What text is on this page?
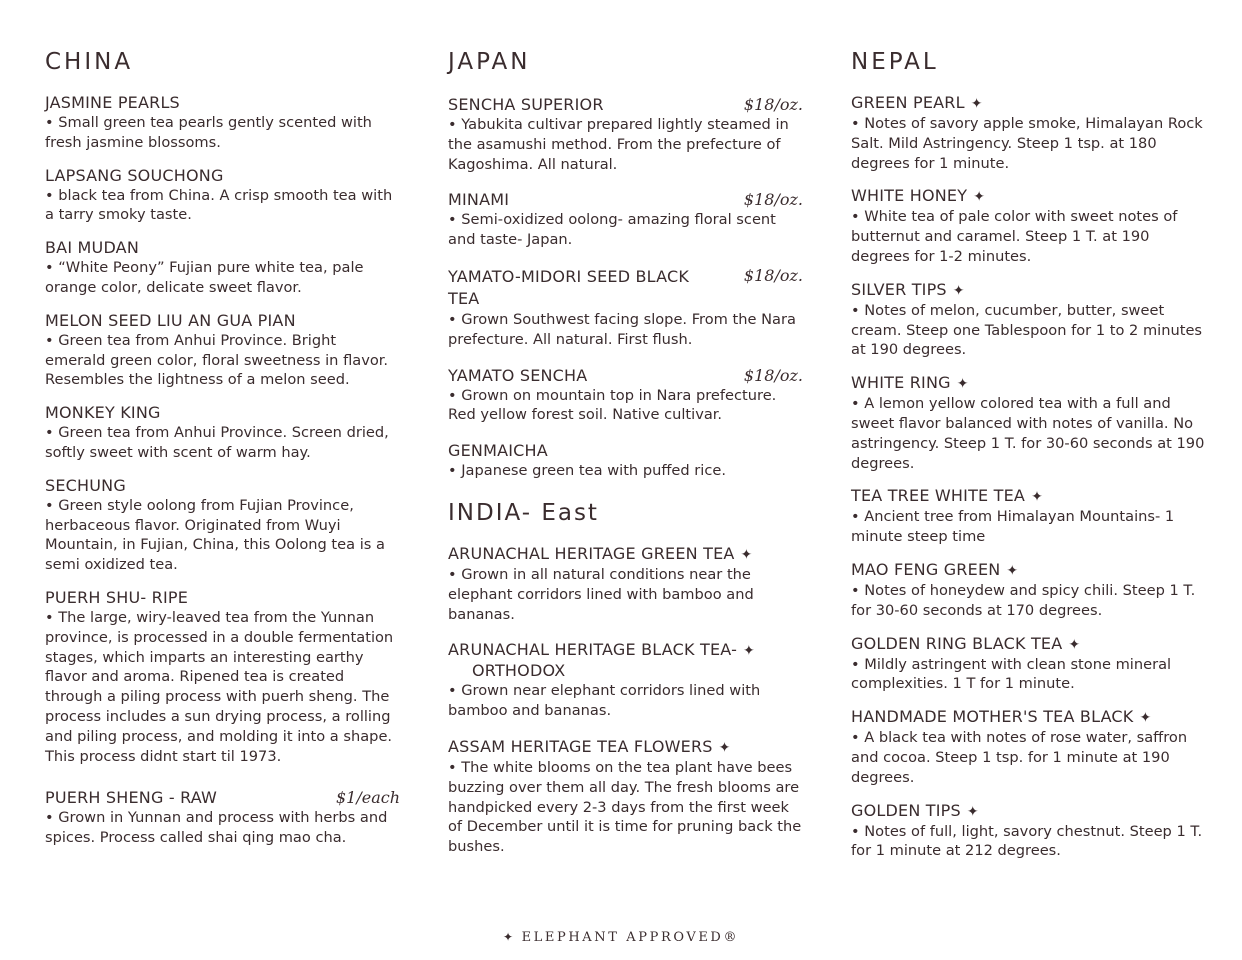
CHINA
JASMINE PEARLS

• Small green tea pearls gently scented with fresh jasmine blossoms.

LAPSANG SOUCHONG

• black tea from China. A crisp smooth tea with a tarry smoky taste.

BAI MUDAN

• “White Peony” Fujian pure white tea, pale orange color, delicate sweet flavor.

MELON SEED LIU AN GUA PIAN

• Green tea from Anhui Province. Bright emerald green color, floral sweetness in flavor. Resembles the lightness of a melon seed.

MONKEY KING

• Green tea from Anhui Province. Screen dried, softly sweet with scent of warm hay.

SECHUNG

• Green style oolong from Fujian Province, herbaceous flavor. Originated from Wuyi Mountain, in Fujian, China, this Oolong tea is a semi oxidized tea.

PUERH SHU- RIPE

• The large, wiry-leaved tea from the Yunnan province, is processed in a double fermentation stages, which imparts an interesting earthy flavor and aroma. Ripened tea is created through a piling process with puerh sheng. The process includes a sun drying process, a rolling and piling process, and molding it into a shape. This process didnt start til 1973.

PUERH SHENG - RAW	$1/each

• Grown in Yunnan and process with herbs and spices. Process called shai qing mao cha.

JAPAN
SENCHA SUPERIOR	$18/oz.

• Yabukita cultivar prepared lightly steamed in the asamushi method. From the prefecture of Kagoshima. All natural.

MINAMI	$18/oz.

• Semi-oxidized oolong- amazing floral scent and taste- Japan.

YAMATO-MIDORI SEED BLACK TEA
$18/oz.

• Grown Southwest facing slope. From the Nara prefecture. All natural. First flush.

YAMATO SENCHA	$18/oz.

• Grown on mountain top in Nara prefecture. Red yellow forest soil. Native cultivar.

GENMAICHA

• Japanese green tea with puffed rice.

INDIA- East
ARUNACHAL HERITAGE GREEN TEA ✦

• Grown in all natural conditions near the elephant corridors lined with bamboo and bananas.

ARUNACHAL HERITAGE BLACK TEA- ✦
ORTHODOX

• Grown near elephant corridors lined with bamboo and bananas.

ASSAM HERITAGE TEA FLOWERS ✦

• The white blooms on the tea plant have bees buzzing over them all day. The fresh blooms are handpicked every 2-3 days from the first week of December until it is time for pruning back the bushes.

NEPAL
GREEN PEARL ✦

• Notes of savory apple smoke, Himalayan Rock Salt. Mild Astringency. Steep 1 tsp. at 180 degrees for 1 minute.

WHITE HONEY ✦

• White tea of pale color with sweet notes of butternut and caramel. Steep 1 T. at 190 degrees for 1-2 minutes.

SILVER TIPS ✦

• Notes of melon, cucumber, butter, sweet cream. Steep one Tablespoon for 1 to 2 minutes at 190 degrees.

WHITE RING ✦

• A lemon yellow colored tea with a full and sweet flavor balanced with notes of vanilla. No astringency. Steep 1 T. for 30-60 seconds at 190 degrees.

TEA TREE WHITE TEA ✦

• Ancient tree from Himalayan Mountains- 1 minute steep time

MAO FENG GREEN ✦

• Notes of honeydew and spicy chili. Steep 1 T. for 30-60 seconds at 170 degrees.

GOLDEN RING BLACK TEA ✦

• Mildly astringent with clean stone mineral complexities. 1 T for 1 minute.

HANDMADE MOTHER'S TEA BLACK ✦

• A black tea with notes of rose water, saffron and cocoa. Steep 1 tsp. for 1 minute at 190 degrees.

GOLDEN TIPS ✦

• Notes of full, light, savory chestnut. Steep 1 T. for 1 minute at 212 degrees.

✦ ELEPHANT APPROVED®
